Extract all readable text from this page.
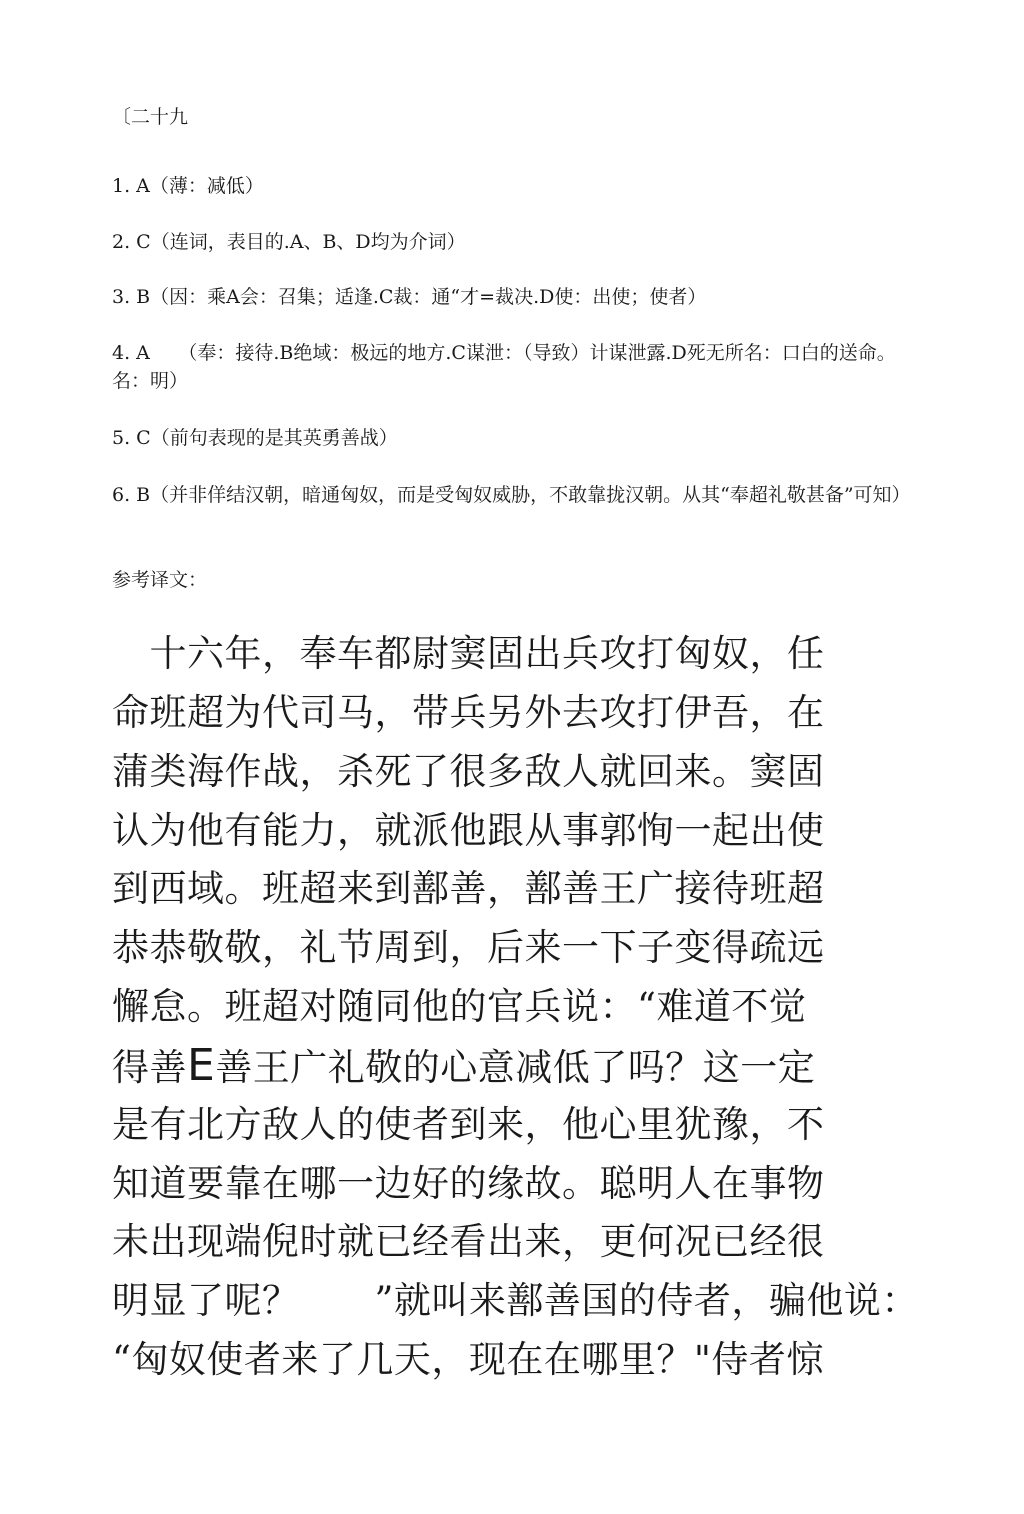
〔二十九
1. A（薄：减低）
2. C（连词，表目的.A、B、D均为介词）
3. B（因：乘A会：召集；适逢.C裁：通“才=裁决.D使：出使；使者）
4. A　　（奉：接待.B绝域：极远的地方.C谋泄：（导致）计谋泄露.D死无所名：口白的送命。名：明）
5. C（前句表现的是其英勇善战）
6. B（并非佯结汉朝，暗通匈奴，而是受匈奴威胁，不敢靠拢汉朝。从其“奉超礼敬甚备”可知）
参考译文：
　十六年，奉车都尉窦固出兵攻打匈奴，任
命班超为代司马，带兵另外去攻打伊吾，在
蒲类海作战，杀死了很多敌人就回来。窦固
认为他有能力，就派他跟从事郭恂一起出使
到西域。班超来到鄯善，鄯善王广接待班超
恭恭敬敬，礼节周到，后来一下子变得疏远
懈怠。班超对随同他的官兵说：“难道不觉
得善E善王广礼敬的心意减低了吗？这一定
是有北方敌人的使者到来，他心里犹豫，不
知道要靠在哪一边好的缘故。聪明人在事物
未出现端倪时就已经看出来，更何况已经很
明显了呢？　　”就叫来鄯善国的侍者，骗他说：
“匈奴使者来了几天，现在在哪里？"侍者惊
